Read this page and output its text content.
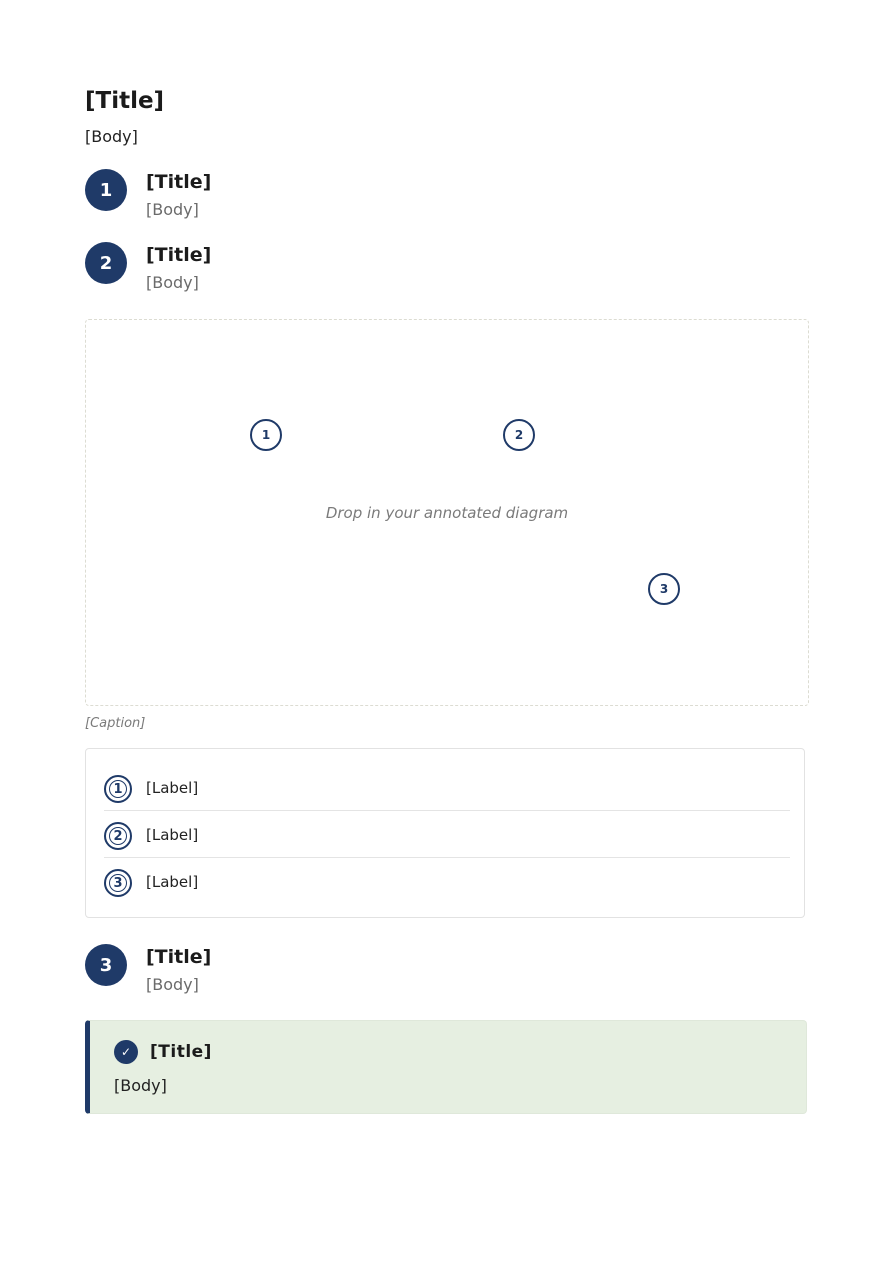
[Title]
[Body]
1	[Title]
[Body]
2	[Title]
[Body]
1	2
Drop in your annotated diagram
3
[Caption]
1	[Label]
2	[Label]
3	[Label]
3	[Title]
[Body]
✓	[Title]
[Body]
